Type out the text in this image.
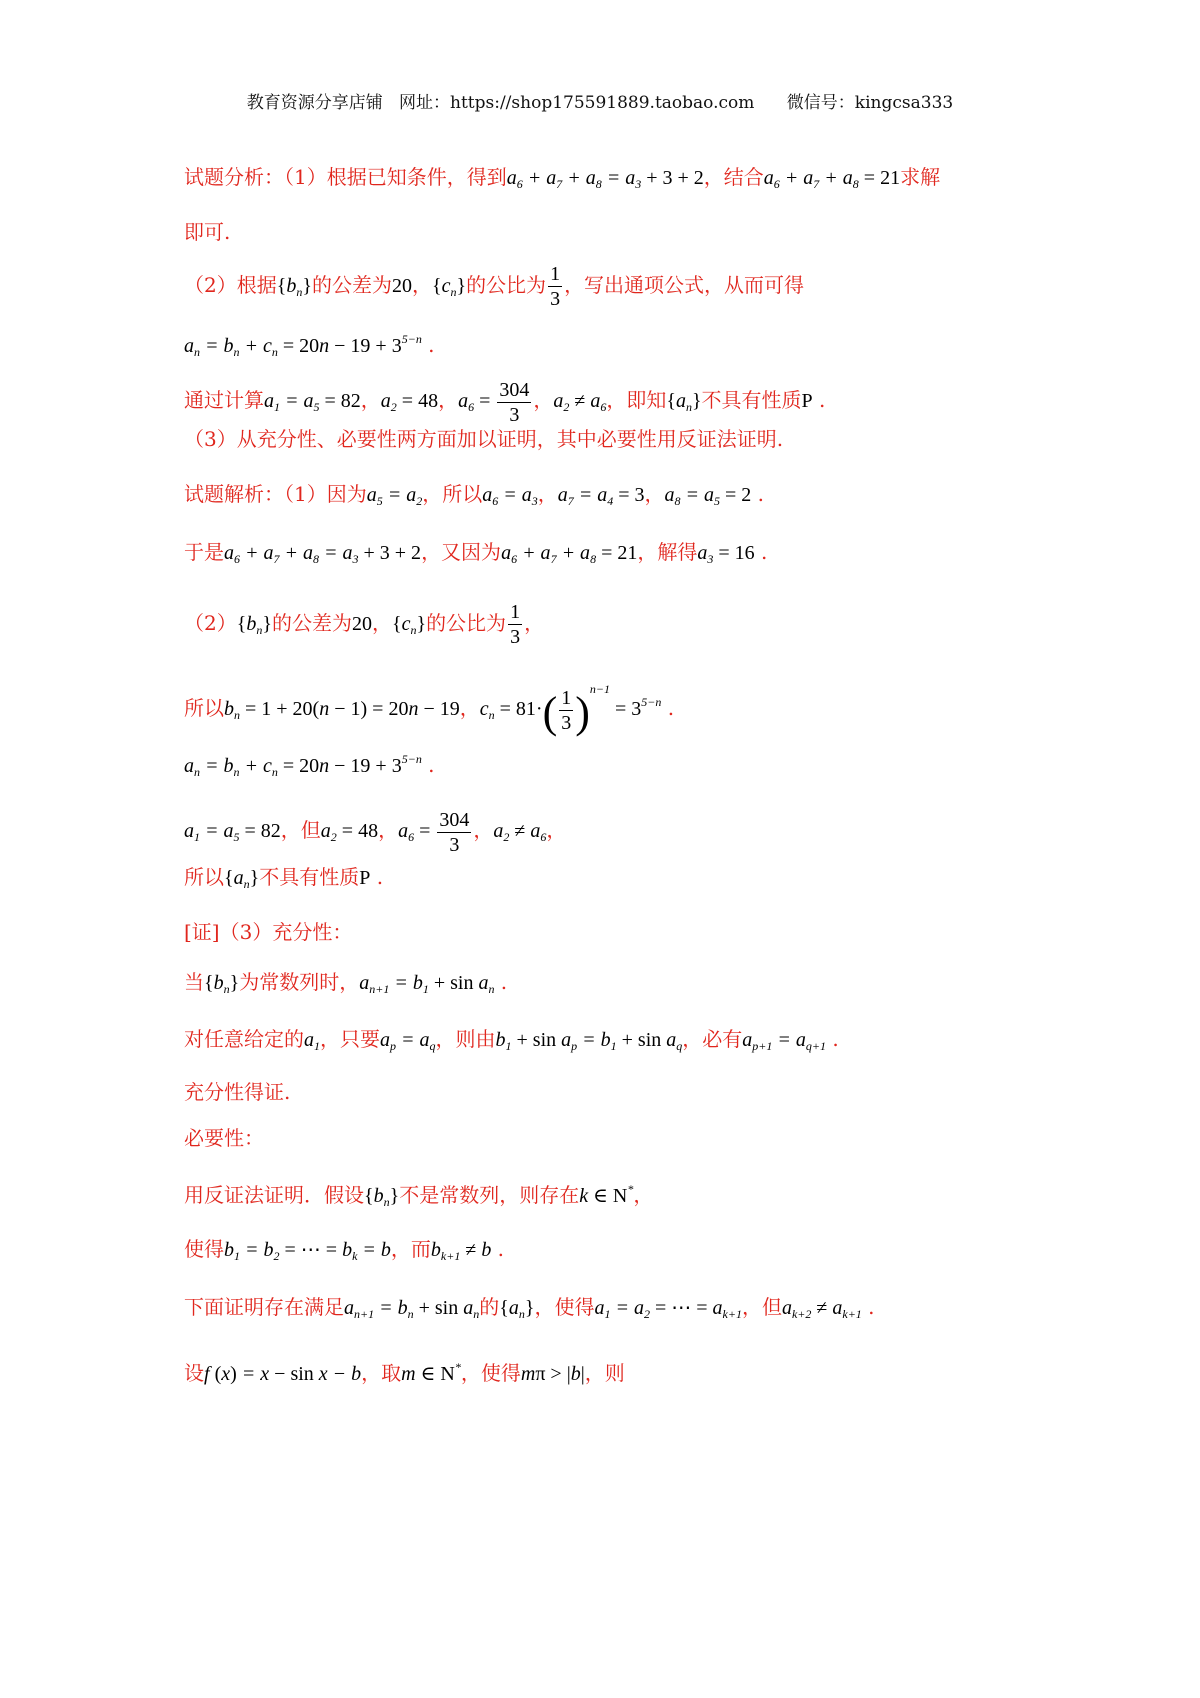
教育资源分享店铺   网址：https://shop175591889.taobao.com      微信号：kingcsa333
试题分析：（1）根据已知条件，得到$a_6 + a_7 + a_8 = a_3 + 3 + 2$，结合$a_6 + a_7 + a_8 = 21$求解
即可.
（2）根据$\{b_n\}$的公差为20，$\{c_n\}$的公比为 $\frac{1}{3}$ ，写出通项公式，从而可得
$a_n = b_n + c_n = 20n - 19 + 3^{5-n}$ .
通过计算$a_1 = a_5 = 82$，$a_2 = 48$，$a_6 = \frac{304}{3}$ ，$a_2 \ne a_6$，即知$\{a_n\}$不具有性质P .
（3）从充分性、必要性两方面加以证明，其中必要性用反证法证明.
试题解析：（1）因为$a_5 = a_2$，所以$a_6 = a_3$，$a_7 = a_4 = 3$，$a_8 = a_5 = 2$ .
于是$a_6 + a_7 + a_8 = a_3 + 3 + 2$，又因为$a_6 + a_7 + a_8 = 21$，解得$a_3 = 16$ .
$(2)\{b_n\}$的公差为20，$\{c_n\}$的公比为 $\frac{1}{3}$ ，
所以$b_n = 1 + 20(n - 1) = 20n - 19$，$c_n = 81\cdot( \frac{1}{3} )^{n-1} = 3^{5-n}$ .
$a_n = b_n + c_n = 20n - 19 + 3^{5-n}$ .
$a_1 = a_5 = 82$，但$a_2 = 48$，$a_6 = \frac{304}{3}$ ，$a_2 \ne a_6$，
所以$\{a_n\}$不具有性质P .
[证]（3）充分性：
当$\{b_n\}$为常数列时，$a_{n+1} = b_1 + \sin a_n$ .
对任意给定的$a_1$，只要$a_p = a_q$，则由$b_1 + \sin a_p = b_1 + \sin a_q$，必有$a_{p+1} = a_{q+1}$ .
充分性得证.
必要性：
用反证法证明．假设$\{b_n\}$不是常数列，则存在k ∈ N*，
使得$b_1 = b_2$ = ⋯ = $b_k = b$，而$b_{k+1} \ne b$ .
下面证明存在满足$a_{n+1} = b_n + \sin a_n$的$\{a_n\}$，使得$a_1 = a_2$ = ⋯ = $a_{k+1}$，但$a_{k+2} \ne a_{k+1}$ .
设f (x) = x − sin x − b，取m ∈ N*，使得mπ > |b|，则
